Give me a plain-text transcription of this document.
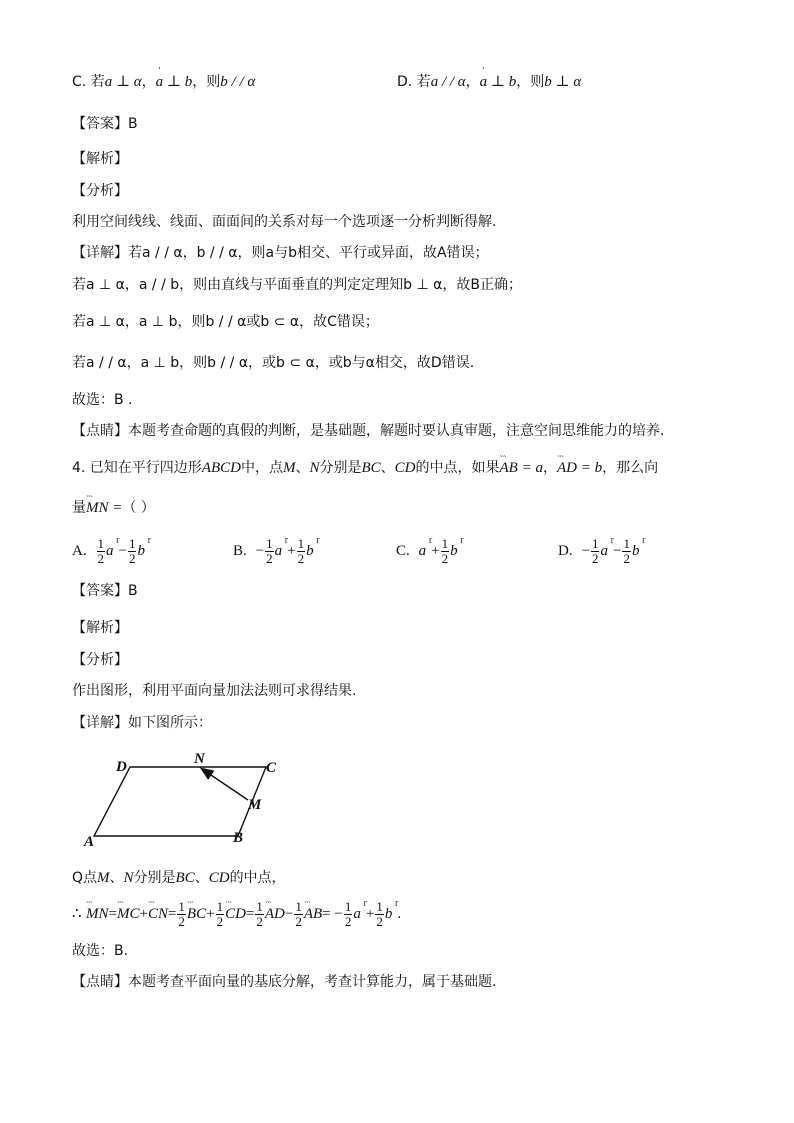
C. 若a ⊥ α，' a ⊥ b，则b / / α	D. 若a / / α，' a ⊥ b，则b ⊥ α
【答案】B
【解析】
【分析】
利用空间线线、线面、面面间的关系对每一个选项逐一分析判断得解.
【详解】若a / / α，b / / α，则a与b相交、平行或异面，故A错误；
若a ⊥ α，a / / b，则由直线与平面垂直的判定定理知b ⊥ α，故B正确；
若a ⊥ α，a ⊥ b，则b / / α或b ⊂ α，故C错误；
若a / / α，a ⊥ b，则b / / α，或b ⊂ α，或b与α相交，故D错误.
故选：B .
【点睛】本题考查命题的真假的判断，是基础题，解题时要认真审题，注意空间思维能力的培养.
4. 已知在平行四边形ABCD中，点M、N分别是BC、CD的中点，如果ˋˋˋ AB = a，ˋˋˋ AD = b，那么向
量ˋˋˋ MN =（ ）
A. $\frac{1}{2}$ a $r - \frac{1}{2}$ b r	B. − $\frac{1}{2}$ a $r + \frac{1}{2}$ b r	C. a $r + \frac{1}{2}$ b r	D. − $\frac{1}{2}$ a $r - \frac{1}{2}$ b r
【答案】B
【解析】
【分析】
作出图形，利用平面向量加法法则可求得结果.
【详解】如下图所示：
D	N
C
M
A	B
Q点M、N分别是BC、CD的中点，
∴ ˋˋˋ MN=ˋˋˋ MC+ˋˋˋ $CN= \frac{1}{2}$ ˋˋˋ $BC+ \frac{1}{2}$ ˋˋˋ $CD= \frac{1}{2}$ ˋˋˋ $AD- \frac{1}{2}$ ˋˋˋ $AB= - \frac{1}{2}$ a $r + \frac{1}{2}$ b r .
故选：B.
【点睛】本题考查平面向量的基底分解，考查计算能力，属于基础题.
